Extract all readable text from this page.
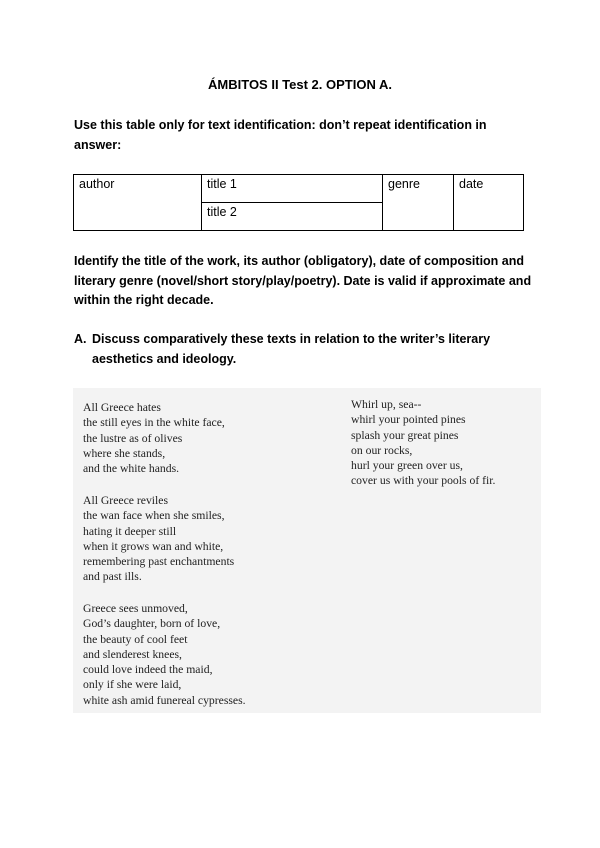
ÁMBITOS II Test 2. OPTION A.
Use this table only for text identification: don’t repeat identification in answer:
author	title 1	genre	date
title 2
Identify the title of the work, its author (obligatory), date of composition and literary genre (novel/short story/play/poetry). Date is valid if approximate and within the right decade.
A. Discuss comparatively these texts in relation to the writer’s literary aesthetics and ideology.
All Greece hates
the still eyes in the white face,
the lustre as of olives
where she stands,
and the white hands.
All Greece reviles
the wan face when she smiles,
hating it deeper still
when it grows wan and white,
remembering past enchantments
and past ills.
Greece sees unmoved,
God’s daughter, born of love,
the beauty of cool feet
and slenderest knees,
could love indeed the maid,
only if she were laid,
white ash amid funereal cypresses.
Whirl up, sea--
whirl your pointed pines
splash your great pines
on our rocks,
hurl your green over us,
cover us with your pools of fir.
